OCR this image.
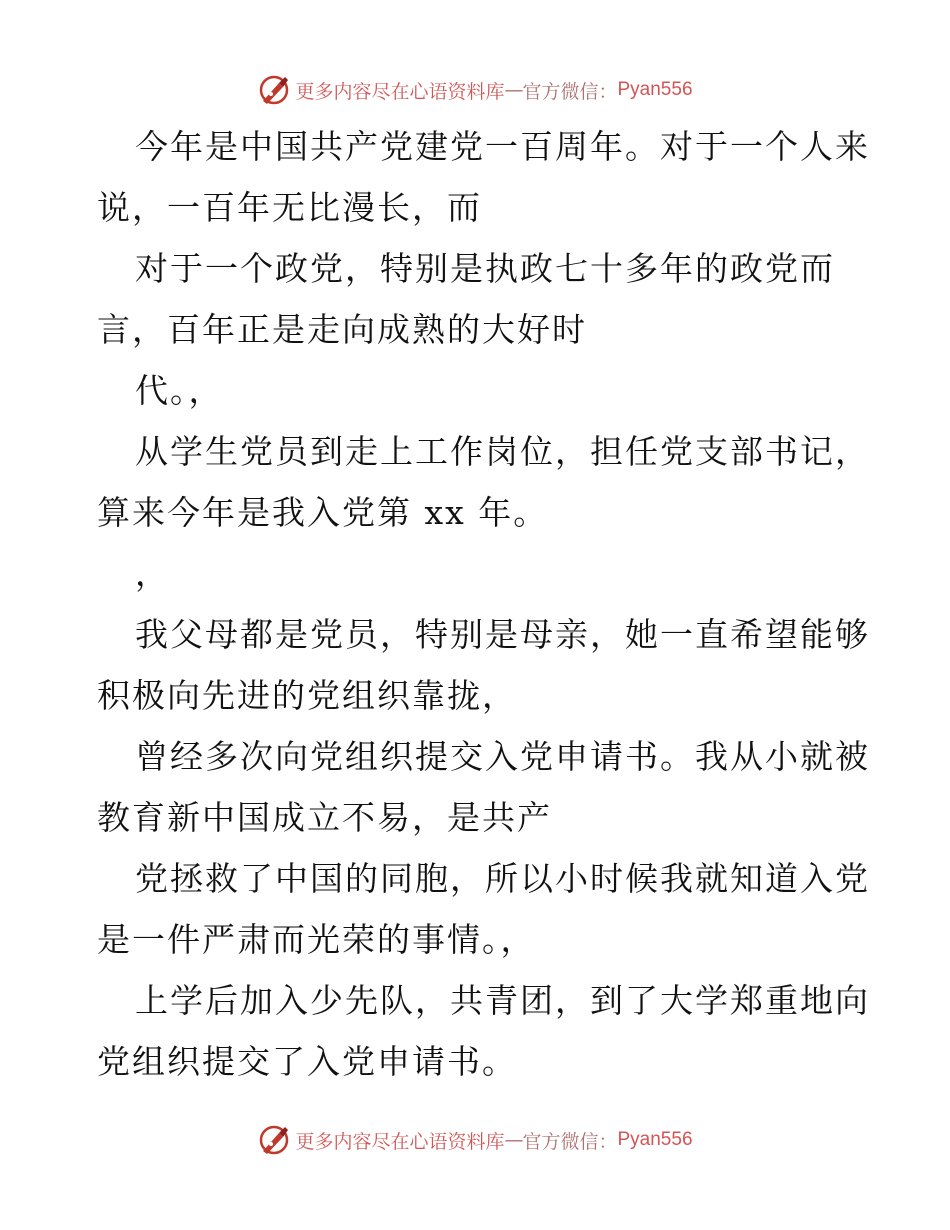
更多内容尽在心语资料库 — 官方微信： Pyan556
今年是中国共产党建党一百周年。对于一个人来
说，一百年无比漫长，而
对于一个政党，特别是执政七十多年的政党而
言，百年正是走向成熟的大好时
代。，
从学生党员到走上工作岗位，担任党支部书记，
算来今年是我入党第 xx 年。
，
我父母都是党员，特别是母亲，她一直希望能够
积极向先进的党组织靠拢，
曾经多次向党组织提交入党申请书。我从小就被
教育新中国成立不易，是共产
党拯救了中国的同胞，所以小时候我就知道入党
是一件严肃而光荣的事情。，
上学后加入少先队，共青团，到了大学郑重地向
党组织提交了入党申请书。
更多内容尽在心语资料库 — 官方微信： Pyan556
